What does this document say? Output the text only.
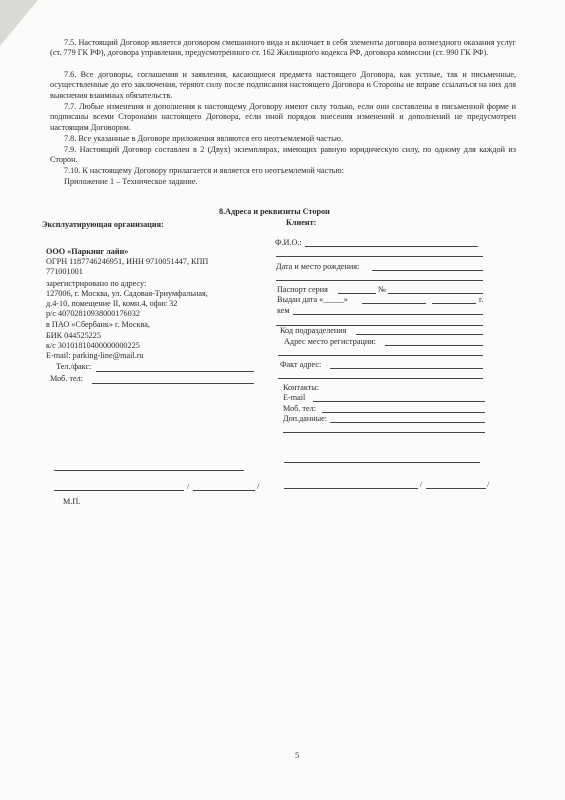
7.5. Настоящий Договор является договором смешанного вида и включает в себя элементы договора возмездного оказания услуг (ст. 779 ГК РФ), договора управления, предусмотренного ст. 162 Жилищного кодекса РФ, договора комиссии (ст. 990 ГК РФ).
7.6. Все договоры, соглашения и заявления, касающиеся предмета настоящего Договора, как устные, так и письменные, осуществленные до его заключения, теряют силу после подписания настоящего Договора и Стороны не вправе ссылаться на них для выяснения взаимных обязательств.
7.7. Любые изменения и дополнения к настоящему Договору имеют силу только, если они составлены в письменной форме и подписаны всеми Сторонами настоящего Договора, если иной порядок внесения изменений и дополнений не предусмотрен настоящим Договором.
7.8. Все указанные в Договоре приложения являются его неотъемлемой частью.
7.9. Настоящий Договор составлен в 2 (Двух) экземплярах, имеющих равную юридическую силу, по одному для каждой из Сторон.
7.10. К настоящему Договору прилагается и является его неотъемлемой частью:
Приложение 1 – Техническое задание.
8.Адреса и реквизиты Сторон
Эксплуатирующая организация:
ООО «Паркинг лайн»
ОГРН 1187746246951, ИНН 9710051447, КПП
771001001
зарегистрировано по адресу:
127006, г. Москва, ул. Садовая-Триумфальная,
д.4-10, помещение II, комн.4, офис 32
р/с 40702810938000176032
в ПАО «Сбербанк» г. Москва,
БИК 044525225
к/с 30101810400000000225
E-mail: parking-line@mail.ru
Тел./факс:
Моб. тел:
/	/
М.П.
Клиент:
Ф.И.О.:
Дата и место рождения:
Паспорт серия	№
Выдан дата «_____»	г.
кем
Код подразделения
Адрес место регистрации:
Факт адрес:
Контакты:
E-mail
Моб. тел:
Доп.данные:
/	/
5
